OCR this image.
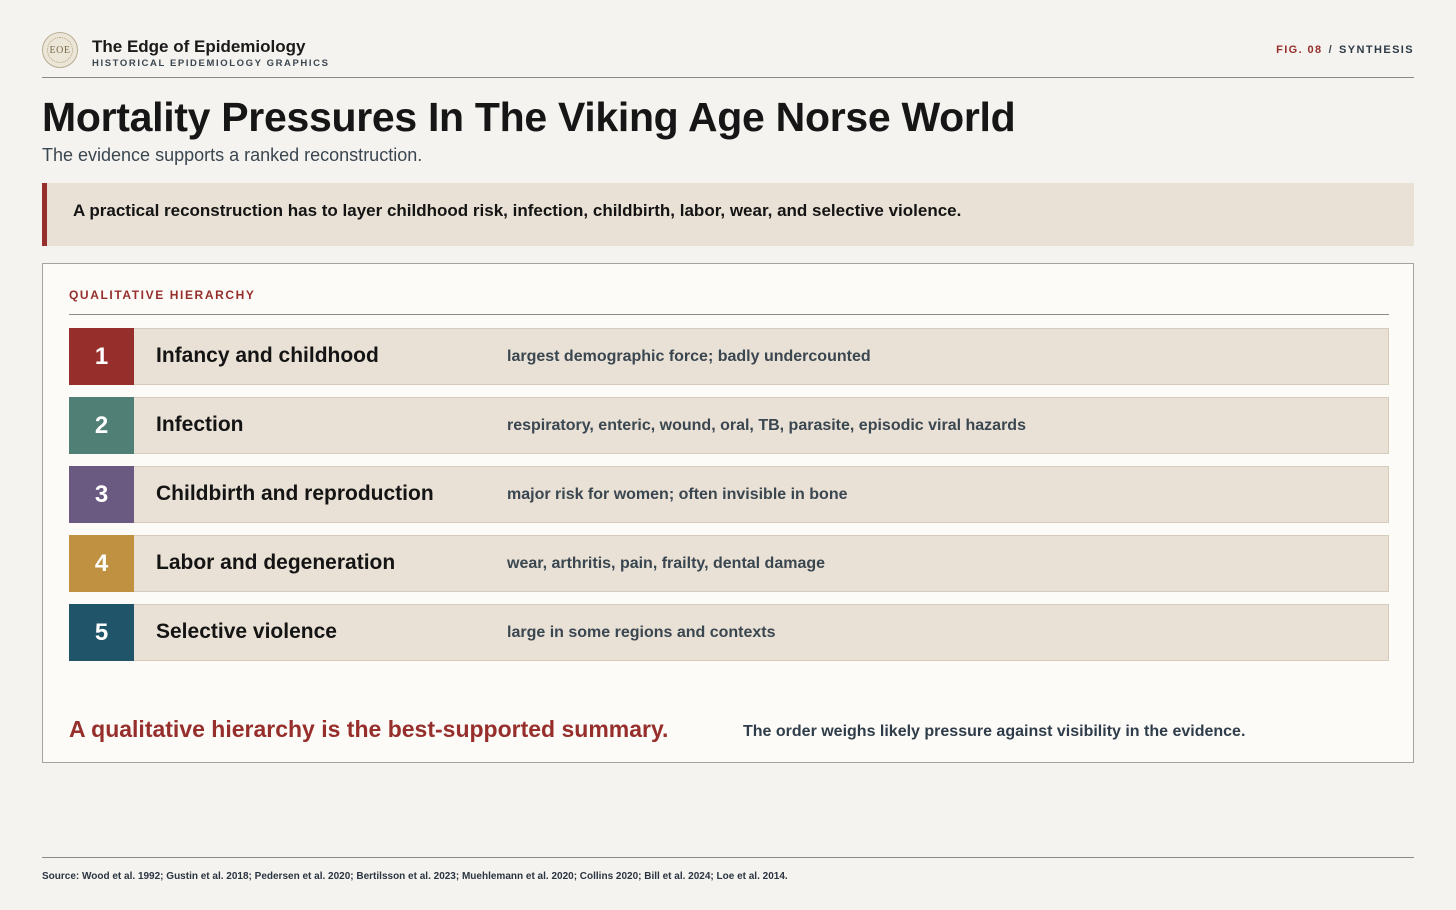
EOE The Edge of Epidemiology
HISTORICAL EPIDEMIOLOGY GRAPHICS
FIG. 08 / SYNTHESIS
Mortality Pressures In The Viking Age Norse World
The evidence supports a ranked reconstruction.
A practical reconstruction has to layer childhood risk, infection, childbirth, labor, wear, and selective violence.
QUALITATIVE HIERARCHY
1	Infancy and childhood	largest demographic force; badly undercounted
2	Infection	respiratory, enteric, wound, oral, TB, parasite, episodic viral hazards
3	Childbirth and reproduction	major risk for women; often invisible in bone
4	Labor and degeneration	wear, arthritis, pain, frailty, dental damage
5	Selective violence	large in some regions and contexts
A qualitative hierarchy is the best-supported summary.	The order weighs likely pressure against visibility in the evidence.
Source: Wood et al. 1992; Gustin et al. 2018; Pedersen et al. 2020; Bertilsson et al. 2023; Muehlemann et al. 2020; Collins 2020; Bill et al. 2024; Loe et al. 2014.
